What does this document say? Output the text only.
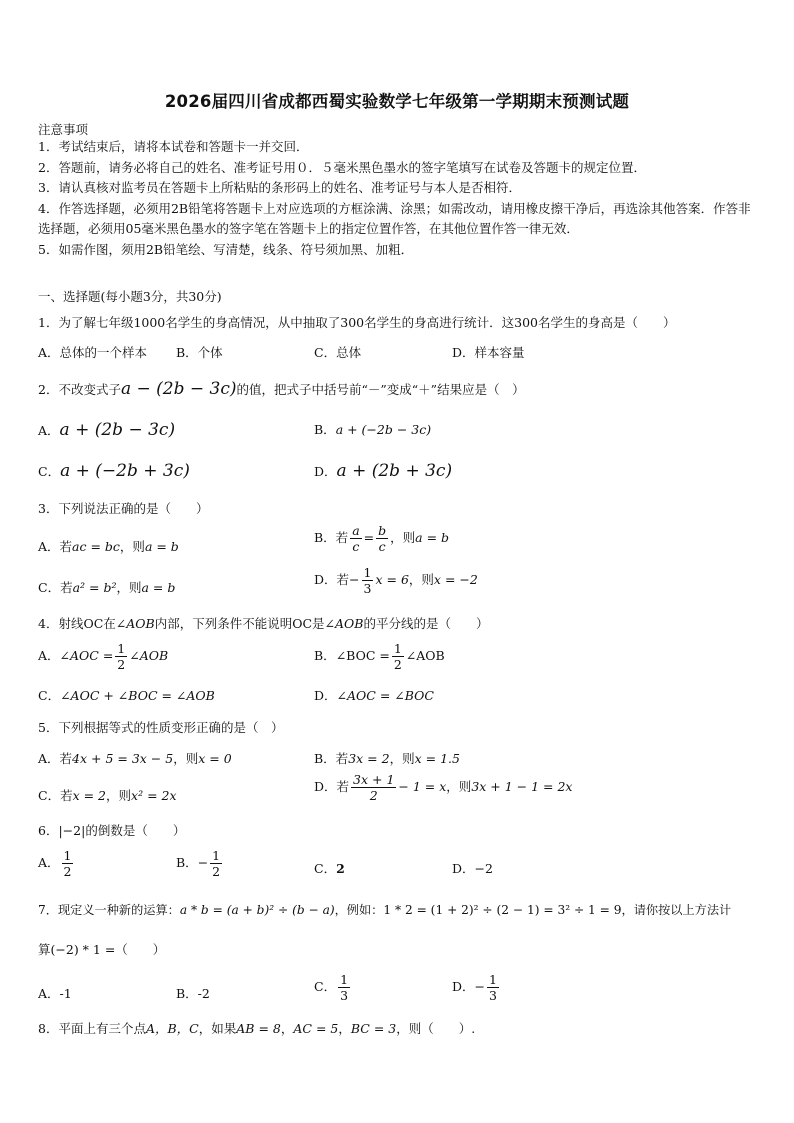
2026届四川省成都西蜀实验数学七年级第一学期期末预测试题
注意事项
1．考试结束后，请将本试卷和答题卡一并交回．
2．答题前，请务必将自己的姓名、准考证号用０．５毫米黑色墨水的签字笔填写在试卷及答题卡的规定位置．
3．请认真核对监考员在答题卡上所粘贴的条形码上的姓名、准考证号与本人是否相符．
4．作答选择题，必须用2B铅笔将答题卡上对应选项的方框涂满、涂黑；如需改动，请用橡皮擦干净后，再选涂其他答案．作答非选择题，必须用05毫米黑色墨水的签字笔在答题卡上的指定位置作答，在其他位置作答一律无效．
5．如需作图，须用2B铅笔绘、写清楚，线条、符号须加黑、加粗．
一、选择题(每小题3分，共30分)
1．为了解七年级1000名学生的身高情况，从中抽取了300名学生的身高进行统计．这300名学生的身高是（　　）
A．总体的一个样本 B．个体	C．总体	D．样本容量
2．不改变式子a − (2b − 3c)的值，把式子中括号前“－”变成“＋”结果应是（　）
A．a + (2b − 3c)	B．a + (−2b − 3c)
C．a + (−2b + 3c)	D．a + (2b + 3c)
3．下列说法正确的是（　　）
A．若ac = bc，则a = b
B．若 $\frac{a}{c} = \frac{b}{c}$ ，则a = b
C．若a² = b²，则a = b
D．若− $\frac{1}{3}$ x = 6，则x = −2
4．射线OC在∠AOB内部，下列条件不能说明OC是∠AOB的平分线的是（　　）
A．∠AOC = $\frac{1}{2}$ ∠AOB	B．∠BOC = $\frac{1}{2}$ ∠AOB
C．∠AOC + ∠BOC = ∠AOB	D．∠AOC = ∠BOC
5．下列根据等式的性质变形正确的是（　）
A．若4x + 5 = 3x − 5，则x = 0	B．若3x = 2，则x = 1.5
C．若x = 2，则x² = 2x
D．若 $\frac{3x + 1}{2} - 1 = x$，则3x + 1 − 1 = 2x
6．|−2|的倒数是（　　）
A． $\frac{1}{2}$	B．− $\frac{1}{2}$	C．2	D．−2
7．现定义一种新的运算：a * b = (a + b)² ÷ (b − a)，例如：1 * 2 = (1 + 2)² ÷ (2 − 1) = 3² ÷ 1 = 9，请你按以上方法计
算(−2) * 1 =（　　）
A．-1	B．-2	C． $\frac{1}{3}$	D．− $\frac{1}{3}$
8．平面上有三个点A，B，C，如果AB = 8，AC = 5，BC = 3，则（　　）.
